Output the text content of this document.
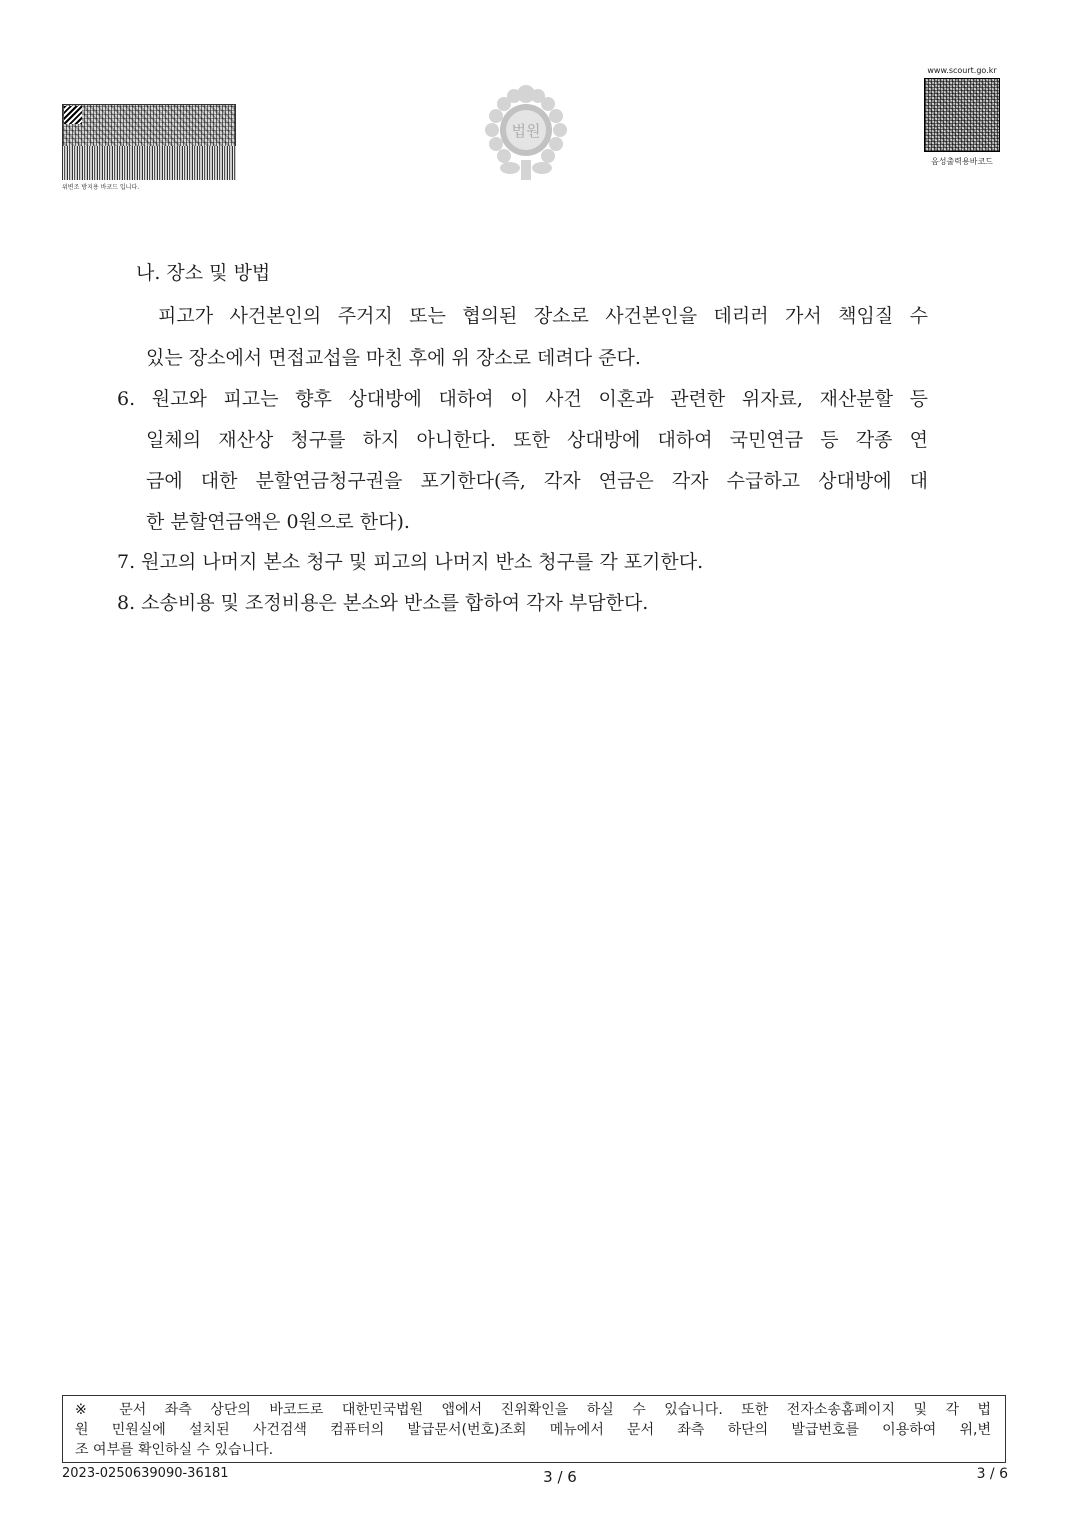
위변조 방지용 바코드 입니다.
법원
www.scourt.go.kr
음성출력용바코드
나. 장소 및 방법
피고가 사건본인의 주거지 또는 협의된 장소로 사건본인을 데리러 가서 책임질 수
있는 장소에서 면접교섭을 마친 후에 위 장소로 데려다 준다.
6. 원고와 피고는 향후 상대방에 대하여 이 사건 이혼과 관련한 위자료, 재산분할 등
일체의 재산상 청구를 하지 아니한다. 또한 상대방에 대하여 국민연금 등 각종 연
금에 대한 분할연금청구권을 포기한다(즉, 각자 연금은 각자 수급하고 상대방에 대
한 분할연금액은 0원으로 한다).
7. 원고의 나머지 본소 청구 및 피고의 나머지 반소 청구를 각 포기한다.
8. 소송비용 및 조정비용은 본소와 반소를 합하여 각자 부담한다.
※ 문서 좌측 상단의 바코드로 대한민국법원 앱에서 진위확인을 하실 수 있습니다. 또한 전자소송홈페이지 및 각 법
원 민원실에 설치된 사건검색 컴퓨터의 발급문서(번호)조회 메뉴에서 문서 좌측 하단의 발급번호를 이용하여 위,변
조 여부를 확인하실 수 있습니다.
2023-0250639090-36181	3 / 6	3 / 6
